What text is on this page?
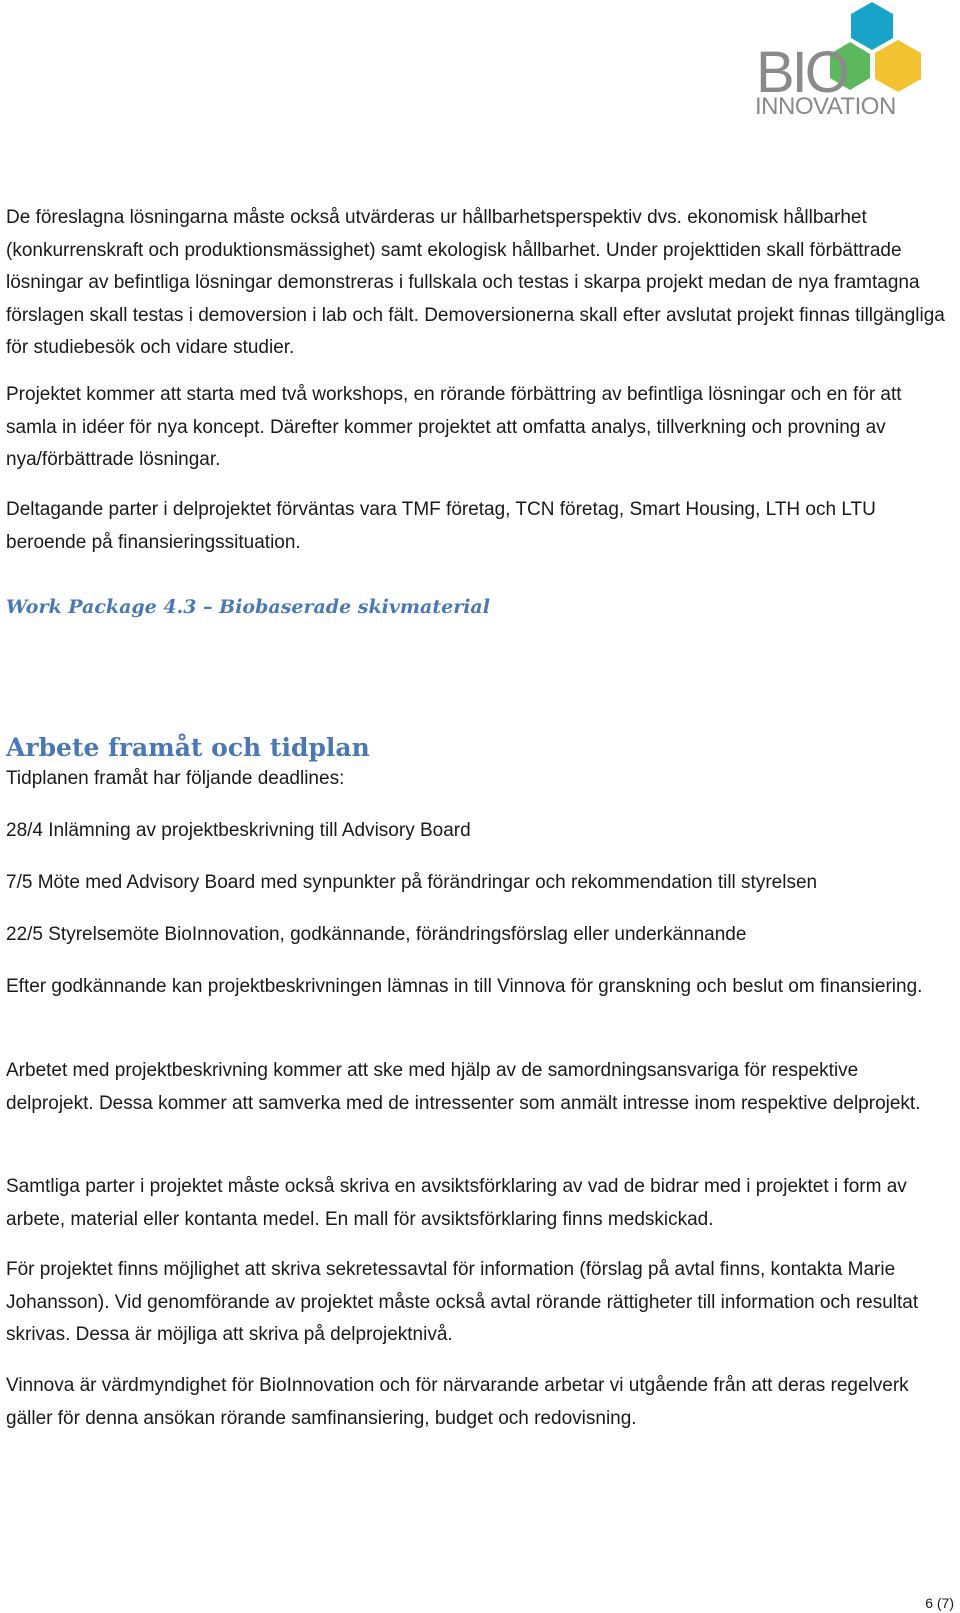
BIO
INNOVATION

De föreslagna lösningarna måste också utvärderas ur hållbarhetsperspektiv dvs. ekonomisk hållbarhet (konkurrenskraft och produktionsmässighet) samt ekologisk hållbarhet. Under projekttiden skall förbättrade lösningar av befintliga lösningar demonstreras i fullskala och testas i skarpa projekt medan de nya framtagna förslagen skall testas i demoversion i lab och fält. Demoversionerna skall efter avslutat projekt finnas tillgängliga för studiebesök och vidare studier.

Projektet kommer att starta med två workshops, en rörande förbättring av befintliga lösningar och en för att samla in idéer för nya koncept. Därefter kommer projektet att omfatta analys, tillverkning och provning av nya/förbättrade lösningar.

Deltagande parter i delprojektet förväntas vara TMF företag, TCN företag, Smart Housing, LTH och LTU beroende på finansieringssituation.

Work Package 4.3 – Biobaserade skivmaterial
Arbete framåt och tidplan

Tidplanen framåt har följande deadlines:

28/4 Inlämning av projektbeskrivning till Advisory Board

7/5 Möte med Advisory Board med synpunkter på förändringar och rekommendation till styrelsen

22/5 Styrelsemöte BioInnovation, godkännande, förändringsförslag eller underkännande

Efter godkännande kan projektbeskrivningen lämnas in till Vinnova för granskning och beslut om finansiering.

Arbetet med projektbeskrivning kommer att ske med hjälp av de samordningsansvariga för respektive delprojekt. Dessa kommer att samverka med de intressenter som anmält intresse inom respektive delprojekt.

Samtliga parter i projektet måste också skriva en avsiktsförklaring av vad de bidrar med i projektet i form av arbete, material eller kontanta medel. En mall för avsiktsförklaring finns medskickad.

För projektet finns möjlighet att skriva sekretessavtal för information (förslag på avtal finns, kontakta Marie Johansson). Vid genomförande av projektet måste också avtal rörande rättigheter till information och resultat skrivas. Dessa är möjliga att skriva på delprojektnivå.

Vinnova är värdmyndighet för BioInnovation och för närvarande arbetar vi utgående från att deras regelverk gäller för denna ansökan rörande samfinansiering, budget och redovisning.

6 (7)
